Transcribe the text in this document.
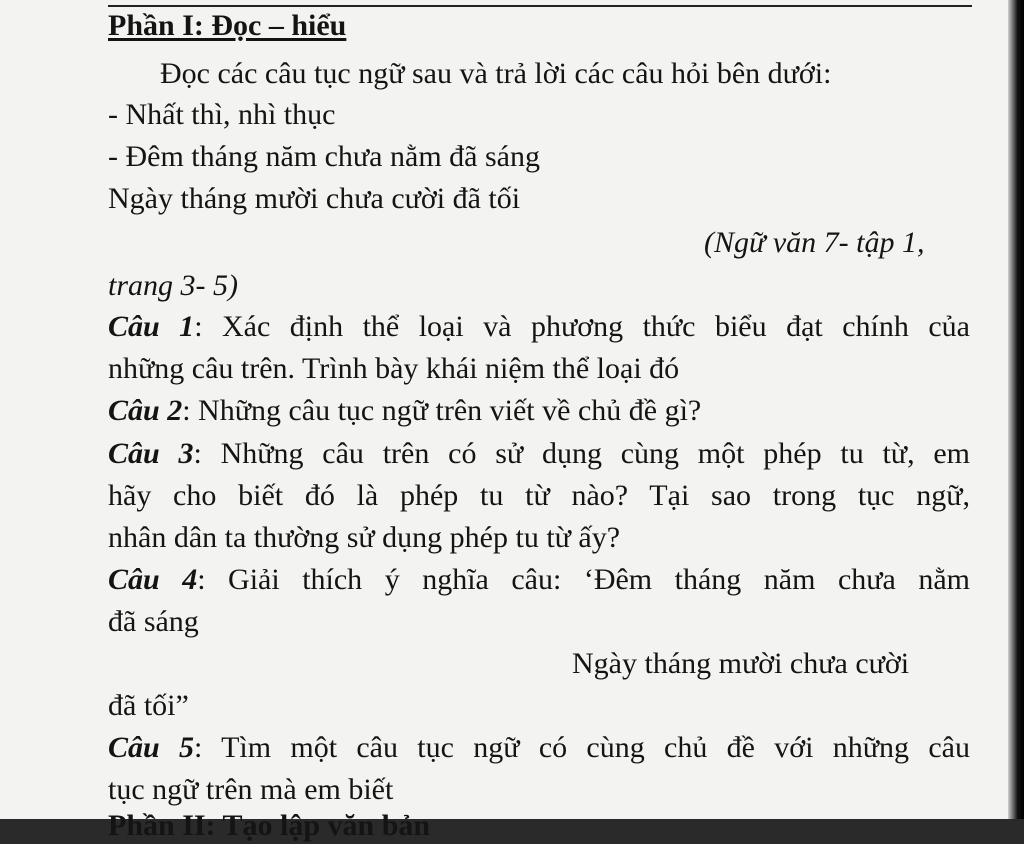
Phần I: Đọc – hiểu
Đọc các câu tục ngữ sau và trả lời các câu hỏi bên dưới:
- Nhất thì, nhì thục
- Đêm tháng năm chưa nằm đã sáng
Ngày tháng mười chưa cười đã tối
(Ngữ văn 7- tập 1,
trang 3- 5)
Câu 1: Xác định thể loại và phương thức biểu đạt chính của
những câu trên. Trình bày khái niệm thể loại đó
Câu 2: Những câu tục ngữ trên viết về chủ đề gì?
Câu 3: Những câu trên có sử dụng cùng một phép tu từ, em
hãy cho biết đó là phép tu từ nào? Tại sao trong tục ngữ,
nhân dân ta thường sử dụng phép tu từ ấy?
Câu 4: Giải thích ý nghĩa câu: ‘Đêm tháng năm chưa nằm
đã sáng
Ngày tháng mười chưa cười
đã tối”
Câu 5: Tìm một câu tục ngữ có cùng chủ đề với những câu
tục ngữ trên mà em biết
Phần II: Tạo lập văn bản
